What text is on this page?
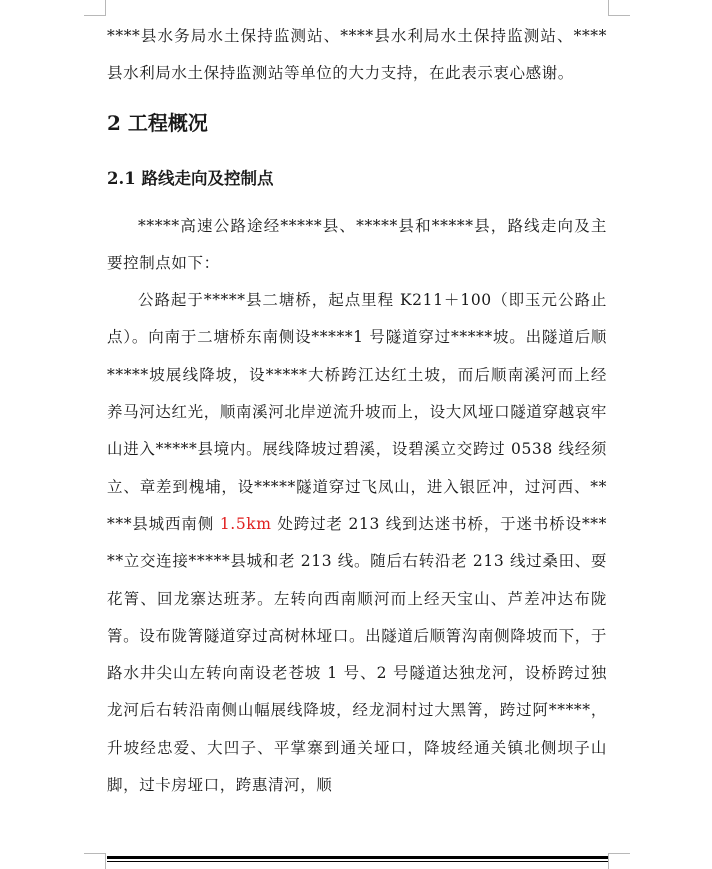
****县水务局水土保持监测站、****县水利局水土保持监测站、****县水利局水土保持监测站等单位的大力支持，在此表示衷心感谢。

2 工程概况
2.1 路线走向及控制点

*****高速公路途经*****县、*****县和*****县，路线走向及主要控制点如下：

公路起于*****县二塘桥，起点里程 K211＋100（即玉元公路止点）。向南于二塘桥东南侧设*****1 号隧道穿过*****坡。出隧道后顺*****坡展线降坡，设*****大桥跨江达红土坡，而后顺南溪河而上经养马河达红光，顺南溪河北岸逆流升坡而上，设大风垭口隧道穿越哀牢山进入*****县境内。展线降坡过碧溪，设碧溪立交跨过 0538 线经须立、章差到槐埔，设*****隧道穿过飞凤山，进入银匠冲，过河西、*****县城西南侧 1.5km 处跨过老 213 线到达迷书桥，于迷书桥设*****立交连接*****县城和老 213 线。随后右转沿老 213 线过桑田、耍花箐、回龙寨达班茅。左转向西南顺河而上经天宝山、芦差冲达布陇箐。设布陇箐隧道穿过高树林垭口。出隧道后顺箐沟南侧降坡而下，于路水井尖山左转向南设老苍坡 1 号、2 号隧道达独龙河，设桥跨过独龙河后右转沿南侧山幅展线降坡，经龙洞村过大黑箐，跨过阿*****，升坡经忠爱、大凹子、平掌寨到通关垭口，降坡经通关镇北侧坝子山脚，过卡房垭口，跨惠清河，顺
